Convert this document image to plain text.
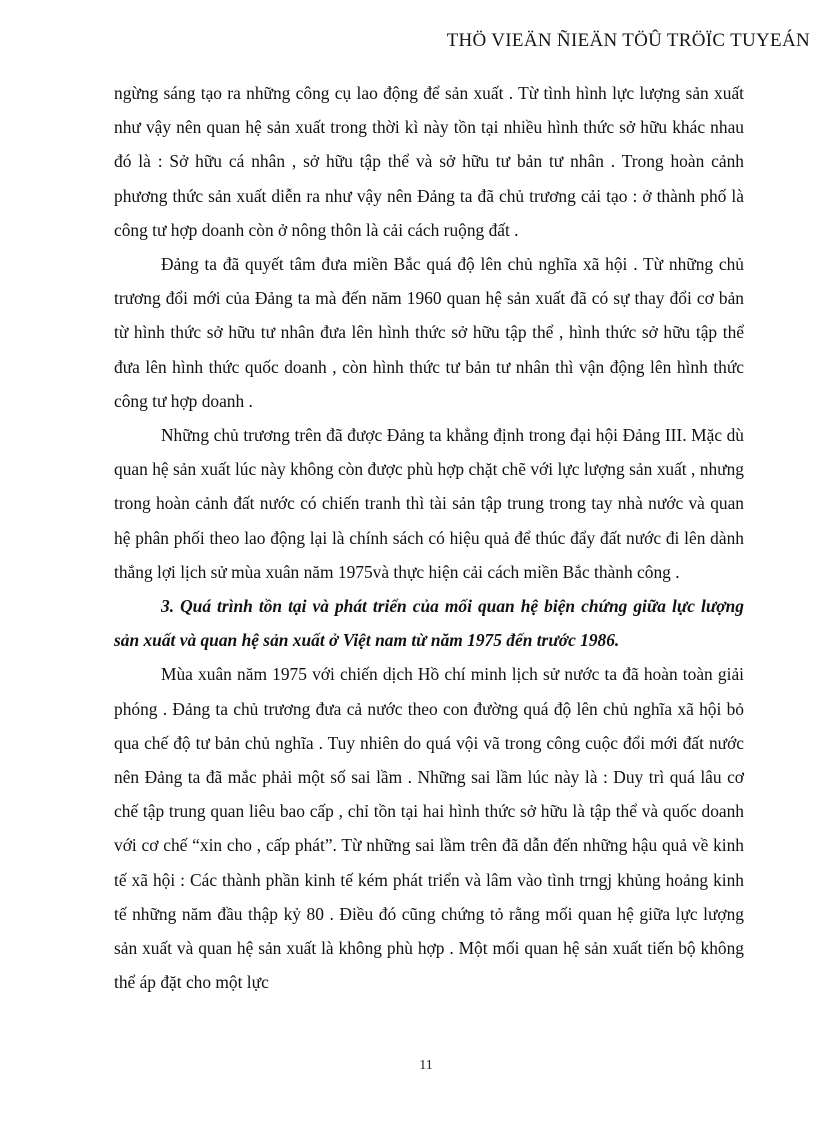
THÖ VIEÄN ÑIEÄN TÖÛ TRÖÏC TUYEÁN

ngừng sáng tạo ra những công cụ lao động để sản xuất . Từ tình hình lực lượng sản xuất như vậy nên quan hệ sản xuất trong thời kì này tồn tại nhiều hình thức sở hữu khác nhau đó là : Sở hữu cá nhân , sở hữu tập thể và sở hữu tư bản tư nhân . Trong hoàn cảnh phương thức sản xuất diễn ra như vậy nên Đảng ta đã chủ trương cải tạo : ở thành phố là công tư hợp doanh còn ở nông thôn là cải cách ruộng đất .

Đảng ta đã quyết tâm đưa miền Bắc quá độ lên chủ nghĩa xã hội . Từ những chủ trương đổi mới của Đảng ta mà đến năm 1960 quan hệ sản xuất đã có sự thay đổi cơ bản từ hình thức sở hữu tư nhân đưa lên hình thức sở hữu tập thể , hình thức sở hữu tập thể đưa lên hình thức quốc doanh , còn hình thức tư bản tư nhân thì vận động lên hình thức công tư hợp doanh .

Những chủ trương trên đã được Đảng ta khẳng định trong đại hội Đảng III. Mặc dù quan hệ sản xuất lúc này không còn được phù hợp chặt chẽ với lực lượng sản xuất , nhưng trong hoàn cảnh đất nước có chiến tranh thì tài sản tập trung trong tay nhà nước và quan hệ phân phối theo lao động lại là chính sách có hiệu quả để thúc đẩy đất nước đi lên dành thắng lợi lịch sử mùa xuân năm 1975và thực hiện cải cách miền Bắc thành công .

3. Quá trình tồn tại và phát triển của mối quan hệ biện chứng giữa lực lượng sản xuất và quan hệ sản xuất ở Việt nam từ năm 1975 đến trước 1986.

Mùa xuân năm 1975 với chiến dịch Hồ chí minh lịch sử nước ta đã hoàn toàn giải phóng . Đảng ta chủ trương đưa cả nước theo con đường quá độ lên chủ nghĩa xã hội bỏ qua chế độ tư bản chủ nghĩa . Tuy nhiên do quá vội vã trong công cuộc đổi mới đất nước nên Đảng ta đã mắc phải một số sai lầm . Những sai lầm lúc này là : Duy trì quá lâu cơ chế tập trung quan liêu bao cấp , chỉ tồn tại hai hình thức sở hữu là tập thể và quốc doanh với cơ chế “xin cho , cấp phát”. Từ những sai lầm trên đã dẫn đến những hậu quả về kinh tế xã hội : Các thành phần kinh tế kém phát triển và lâm vào tình trngj khủng hoảng kinh tế những năm đầu thập kỷ 80 . Điều đó cũng chứng tỏ rằng mối quan hệ giữa lực lượng sản xuất và quan hệ sản xuất là không phù hợp . Một mối quan hệ sản xuất tiến bộ không thể áp đặt cho một lực

11
